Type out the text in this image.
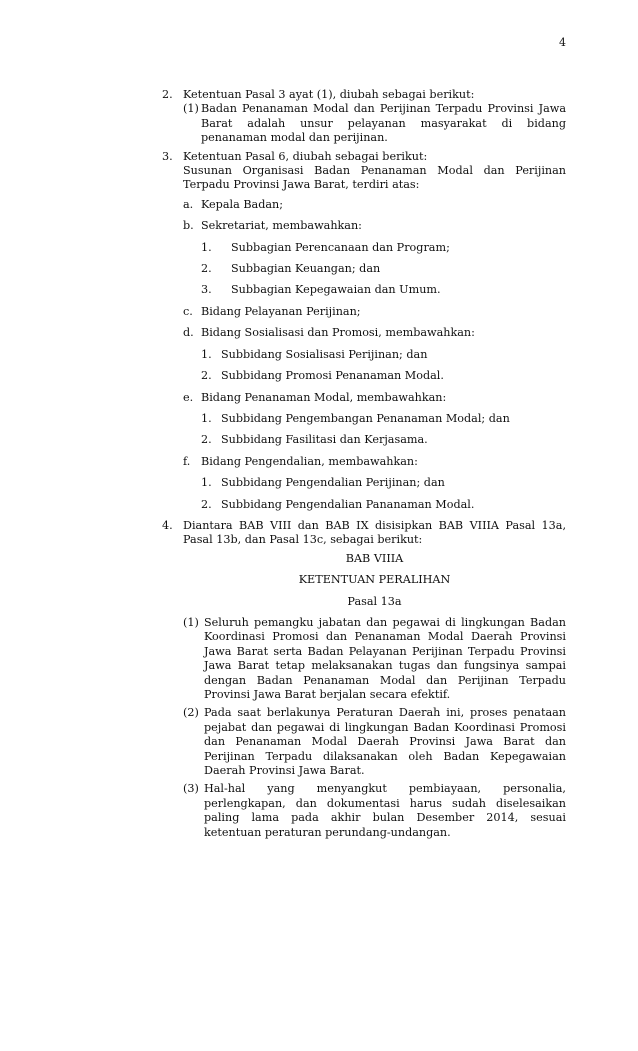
4
2. Ketentuan Pasal 3 ayat (1), diubah sebagai berikut:
(1) Badan Penanaman Modal dan Perijinan Terpadu Provinsi Jawa Barat adalah unsur pelayanan masyarakat di bidang penanaman modal dan perijinan.
3. Ketentuan Pasal 6, diubah sebagai berikut:
Susunan Organisasi Badan Penanaman Modal dan Perijinan Terpadu Provinsi Jawa Barat, terdiri atas:
a. Kepala Badan;
b. Sekretariat, membawahkan:
1. Subbagian Perencanaan dan Program;
2. Subbagian Keuangan; dan
3. Subbagian Kepegawaian dan Umum.
c. Bidang Pelayanan Perijinan;
d. Bidang Sosialisasi dan Promosi, membawahkan:
1. Subbidang Sosialisasi Perijinan; dan
2. Subbidang Promosi Penanaman Modal.
e. Bidang Penanaman Modal, membawahkan:
1. Subbidang Pengembangan Penanaman Modal; dan
2. Subbidang Fasilitasi dan Kerjasama.
f. Bidang Pengendalian, membawahkan:
1. Subbidang Pengendalian Perijinan; dan
2. Subbidang Pengendalian Pananaman Modal.
4. Diantara BAB VIII dan BAB IX disisipkan BAB VIIIA Pasal 13a, Pasal 13b, dan Pasal 13c, sebagai berikut:
BAB VIIIA
KETENTUAN PERALIHAN
Pasal 13a
(1) Seluruh pemangku jabatan dan pegawai di lingkungan Badan Koordinasi Promosi dan Penanaman Modal Daerah Provinsi Jawa Barat serta Badan Pelayanan Perijinan Terpadu Provinsi Jawa Barat tetap melaksanakan tugas dan fungsinya sampai dengan Badan Penanaman Modal dan Perijinan Terpadu Provinsi Jawa Barat berjalan secara efektif.
(2) Pada saat berlakunya Peraturan Daerah ini, proses penataan pejabat dan pegawai di lingkungan Badan Koordinasi Promosi dan Penanaman Modal Daerah Provinsi Jawa Barat dan Perijinan Terpadu dilaksanakan oleh Badan Kepegawaian Daerah Provinsi Jawa Barat.
(3) Hal-hal yang menyangkut pembiayaan, personalia, perlengkapan, dan dokumentasi harus sudah diselesaikan paling lama pada akhir bulan Desember 2014, sesuai ketentuan peraturan perundang-undangan.
